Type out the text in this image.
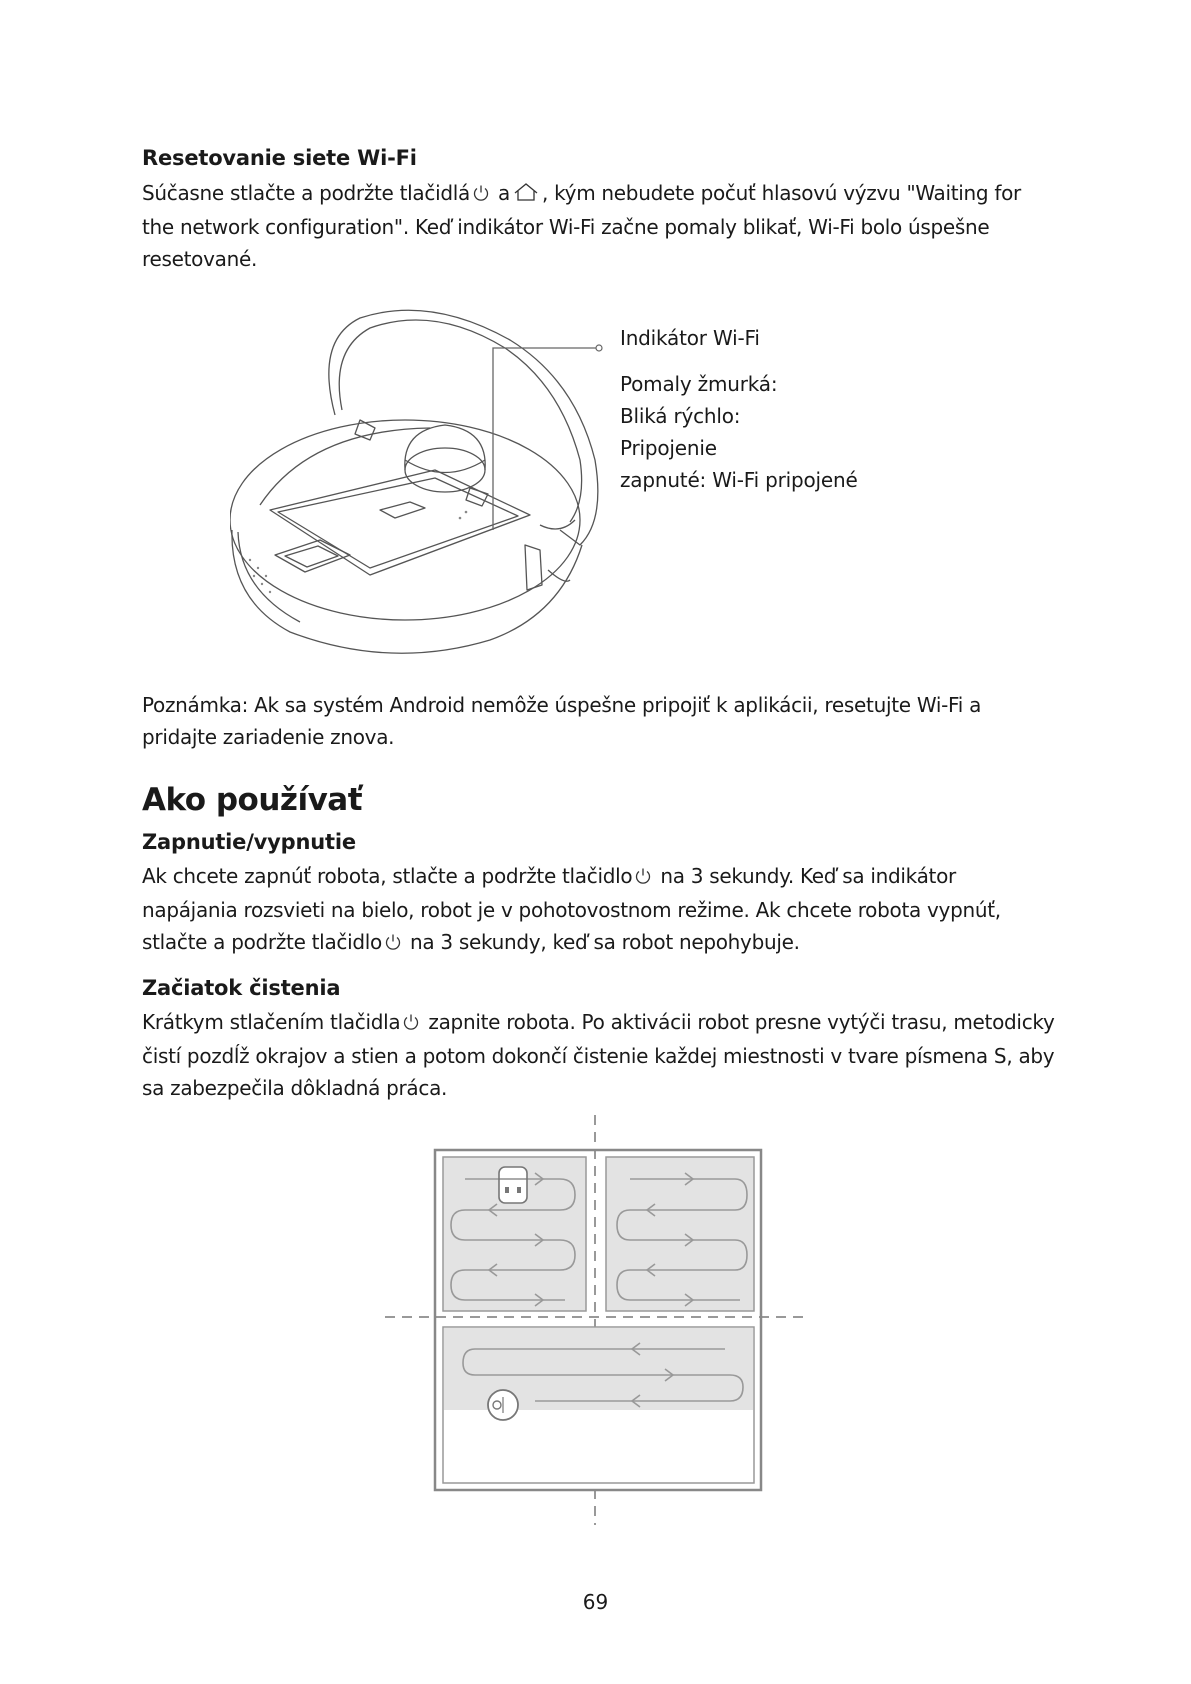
Resetovanie siete Wi-Fi
Súčasne stlačte a podržte tlačidlá a , kým nebudete počuť hlasovú výzvu "Waiting for
the network configuration". Keď indikátor Wi-Fi začne pomaly blikať, Wi-Fi bolo úspešne
resetované.
Indikátor Wi-Fi
Pomaly žmurká:
Bliká rýchlo:
Pripojenie
zapnuté: Wi-Fi pripojené
Poznámka: Ak sa systém Android nemôže úspešne pripojiť k aplikácii, resetujte Wi-Fi a
pridajte zariadenie znova.
Ako používať
Zapnutie/vypnutie
Ak chcete zapnúť robota, stlačte a podržte tlačidlo na 3 sekundy. Keď sa indikátor
napájania rozsvieti na bielo, robot je v pohotovostnom režime. Ak chcete robota vypnúť,
stlačte a podržte tlačidlo na 3 sekundy, keď sa robot nepohybuje.
Začiatok čistenia
Krátkym stlačením tlačidla zapnite robota. Po aktivácii robot presne vytýči trasu, metodicky
čistí pozdĺž okrajov a stien a potom dokončí čistenie každej miestnosti v tvare písmena S, aby
sa zabezpečila dôkladná práca.
69
